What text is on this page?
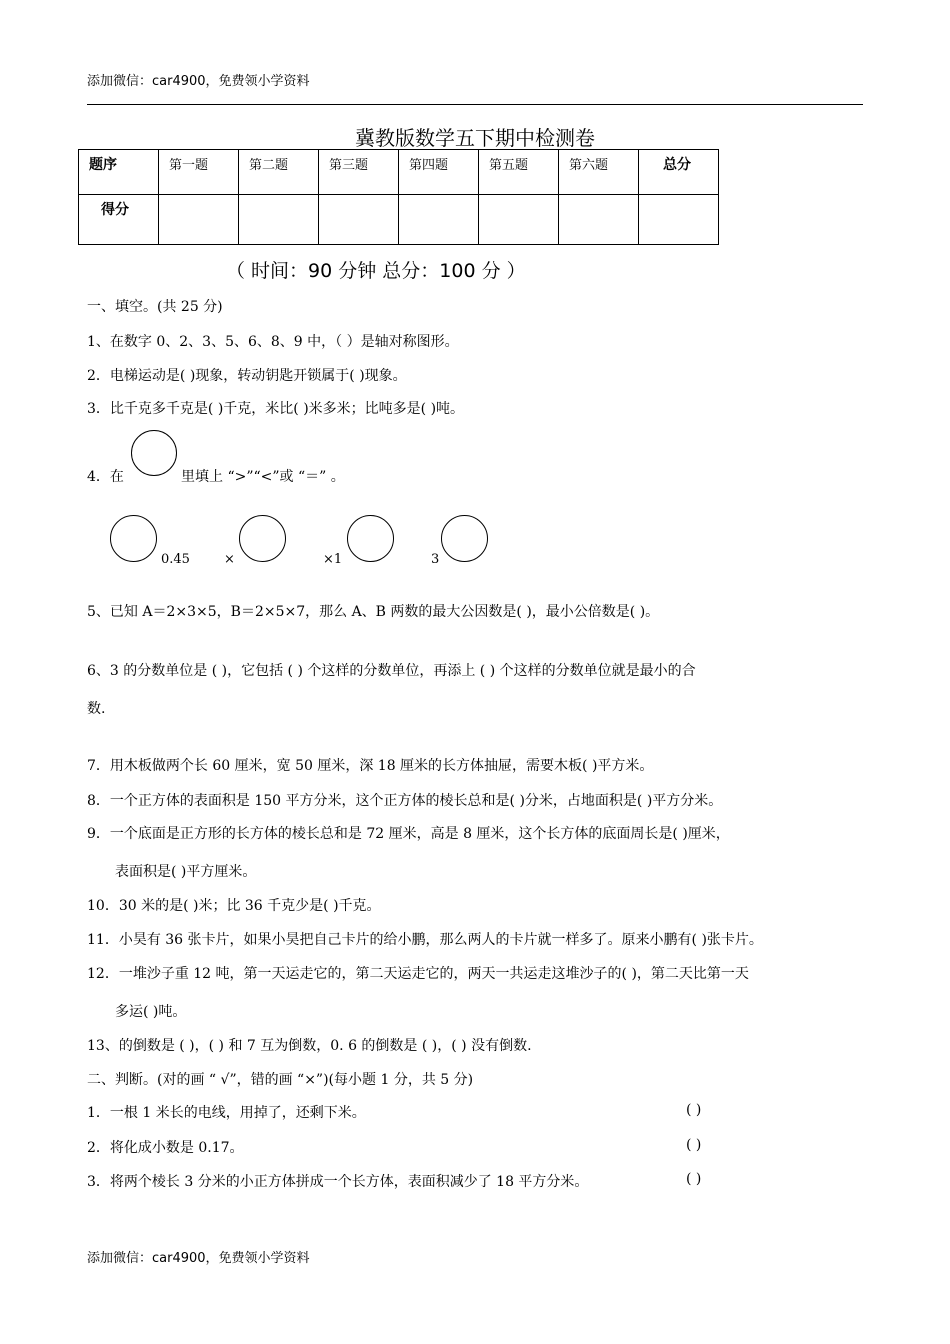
添加微信：car4900，免费领小学资料
冀教版数学五下期中检测卷
题序	第一题	第二题	第三题	第四题	第五题	第六题	总分
得分							
（ 时间：90 分钟 总分：100 分 ）
一、填空。(共 25 分)
1、在数字 0、2、3、5、6、8、9 中，（ ）是轴对称图形。
2．电梯运动是( )现象，转动钥匙开锁属于( )现象。
3．比千克多千克是( )千克，米比( )米多米；比吨多是( )吨。
4．在	里填上 “>”“<”或 “＝” 。
0.45	×	×1	3
5、已知 A＝2×3×5，B＝2×5×7，那么 A、B 两数的最大公因数是( )，最小公倍数是( )。
6、3 的分数单位是 ( )，它包括 ( ) 个这样的分数单位，再添上 ( ) 个这样的分数单位就是最小的合
数.
7．用木板做两个长 60 厘米，宽 50 厘米，深 18 厘米的长方体抽屉，需要木板( )平方米。
8．一个正方体的表面积是 150 平方分米，这个正方体的棱长总和是( )分米，占地面积是( )平方分米。
9．一个底面是正方形的长方体的棱长总和是 72 厘米，高是 8 厘米，这个长方体的底面周长是( )厘米，
表面积是( )平方厘米。
10．30 米的是( )米；比 36 千克少是( )千克。
11．小昊有 36 张卡片，如果小昊把自己卡片的给小鹏，那么两人的卡片就一样多了。原来小鹏有( )张卡片。
12．一堆沙子重 12 吨，第一天运走它的，第二天运走它的，两天一共运走这堆沙子的( )，第二天比第一天
多运( )吨。
13、的倒数是 ( )，( ) 和 7 互为倒数，0. 6 的倒数是 ( )，( ) 没有倒数.
二、判断。(对的画 “ √”，错的画 “×”)(每小题 1 分，共 5 分)
1．一根 1 米长的电线，用掉了，还剩下米。	( )
2．将化成小数是 0.17。	( )
3．将两个棱长 3 分米的小正方体拼成一个长方体，表面积减少了 18 平方分米。	( )
添加微信：car4900，免费领小学资料
